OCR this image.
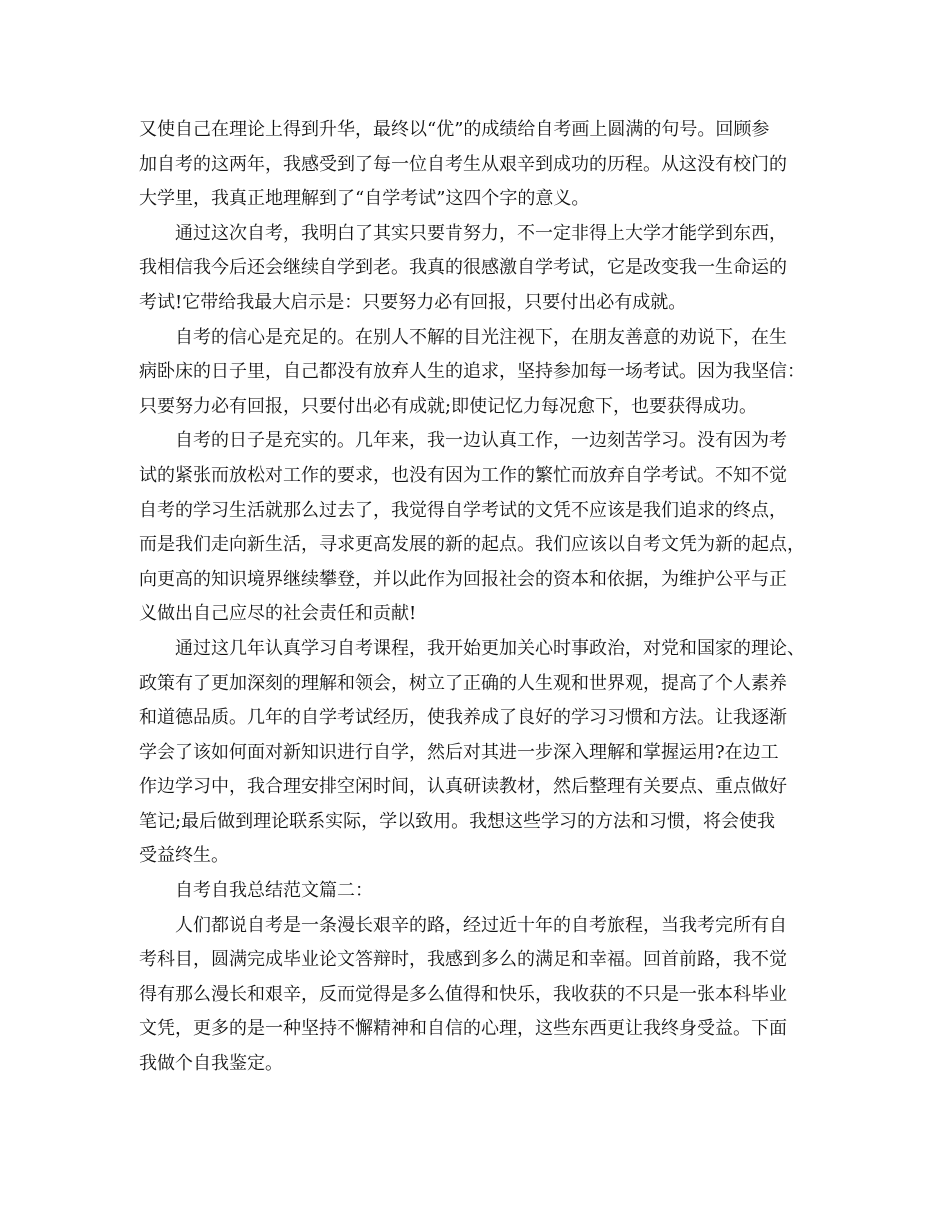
又使自己在理论上得到升华，最终以“优”的成绩给自考画上圆满的句号。回顾参
加自考的这两年，我感受到了每一位自考生从艰辛到成功的历程。从这没有校门的
大学里，我真正地理解到了“自学考试”这四个字的意义。
通过这次自考，我明白了其实只要肯努力，不一定非得上大学才能学到东西，
我相信我今后还会继续自学到老。我真的很感激自学考试，它是改变我一生命运的
考试!它带给我最大启示是：只要努力必有回报，只要付出必有成就。
自考的信心是充足的。在别人不解的目光注视下，在朋友善意的劝说下，在生
病卧床的日子里，自己都没有放弃人生的追求，坚持参加每一场考试。因为我坚信：
只要努力必有回报，只要付出必有成就;即使记忆力每况愈下，也要获得成功。
自考的日子是充实的。几年来，我一边认真工作，一边刻苦学习。没有因为考
试的紧张而放松对工作的要求，也没有因为工作的繁忙而放弃自学考试。不知不觉
自考的学习生活就那么过去了，我觉得自学考试的文凭不应该是我们追求的终点，
而是我们走向新生活，寻求更高发展的新的起点。我们应该以自考文凭为新的起点，
向更高的知识境界继续攀登，并以此作为回报社会的资本和依据，为维护公平与正
义做出自己应尽的社会责任和贡献!
通过这几年认真学习自考课程，我开始更加关心时事政治，对党和国家的理论、
政策有了更加深刻的理解和领会，树立了正确的人生观和世界观，提高了个人素养
和道德品质。几年的自学考试经历，使我养成了良好的学习习惯和方法。让我逐渐
学会了该如何面对新知识进行自学，然后对其进一步深入理解和掌握运用?在边工
作边学习中，我合理安排空闲时间，认真研读教材，然后整理有关要点、重点做好
笔记;最后做到理论联系实际，学以致用。我想这些学习的方法和习惯，将会使我
受益终生。
自考自我总结范文篇二：
人们都说自考是一条漫长艰辛的路，经过近十年的自考旅程，当我考完所有自
考科目，圆满完成毕业论文答辩时，我感到多么的满足和幸福。回首前路，我不觉
得有那么漫长和艰辛，反而觉得是多么值得和快乐，我收获的不只是一张本科毕业
文凭，更多的是一种坚持不懈精神和自信的心理，这些东西更让我终身受益。下面
我做个自我鉴定。
